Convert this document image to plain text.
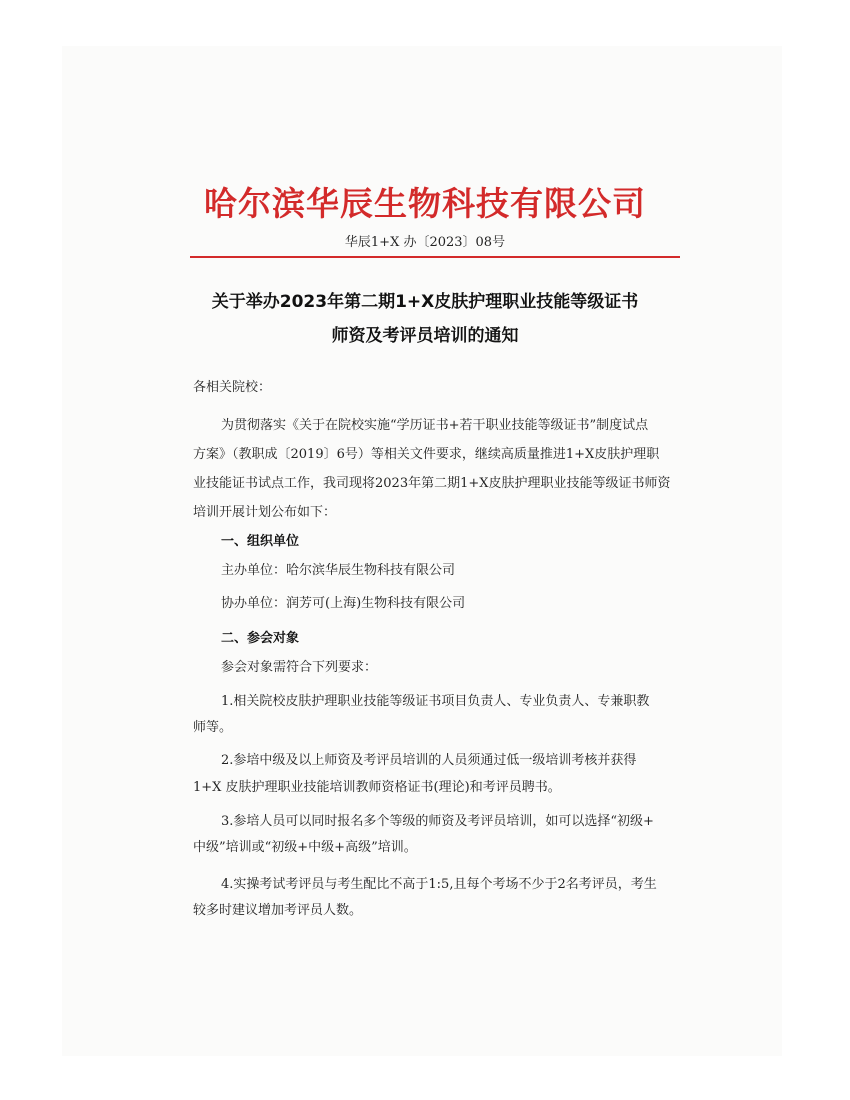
哈尔滨华辰生物科技有限公司
华辰1+X 办〔2023〕08号
关于举办2023年第二期1+X皮肤护理职业技能等级证书
师资及考评员培训的通知
各相关院校：
为贯彻落实《关于在院校实施“学历证书+若干职业技能等级证书”制度试点
方案》（教职成〔2019〕6号）等相关文件要求，继续高质量推进1+X皮肤护理职
业技能证书试点工作，我司现将2023年第二期1+X皮肤护理职业技能等级证书师资
培训开展计划公布如下：
一、组织单位
主办单位：哈尔滨华辰生物科技有限公司
协办单位：润芳可(上海)生物科技有限公司
二、参会对象
参会对象需符合下列要求：
1.相关院校皮肤护理职业技能等级证书项目负责人、专业负责人、专兼职教
师等。
2.参培中级及以上师资及考评员培训的人员须通过低一级培训考核并获得
1+X 皮肤护理职业技能培训教师资格证书(理论)和考评员聘书。
3.参培人员可以同时报名多个等级的师资及考评员培训，如可以选择“初级+
中级”培训或“初级+中级+高级”培训。
4.实操考试考评员与考生配比不高于1:5,且每个考场不少于2名考评员，考生
较多时建议增加考评员人数。
